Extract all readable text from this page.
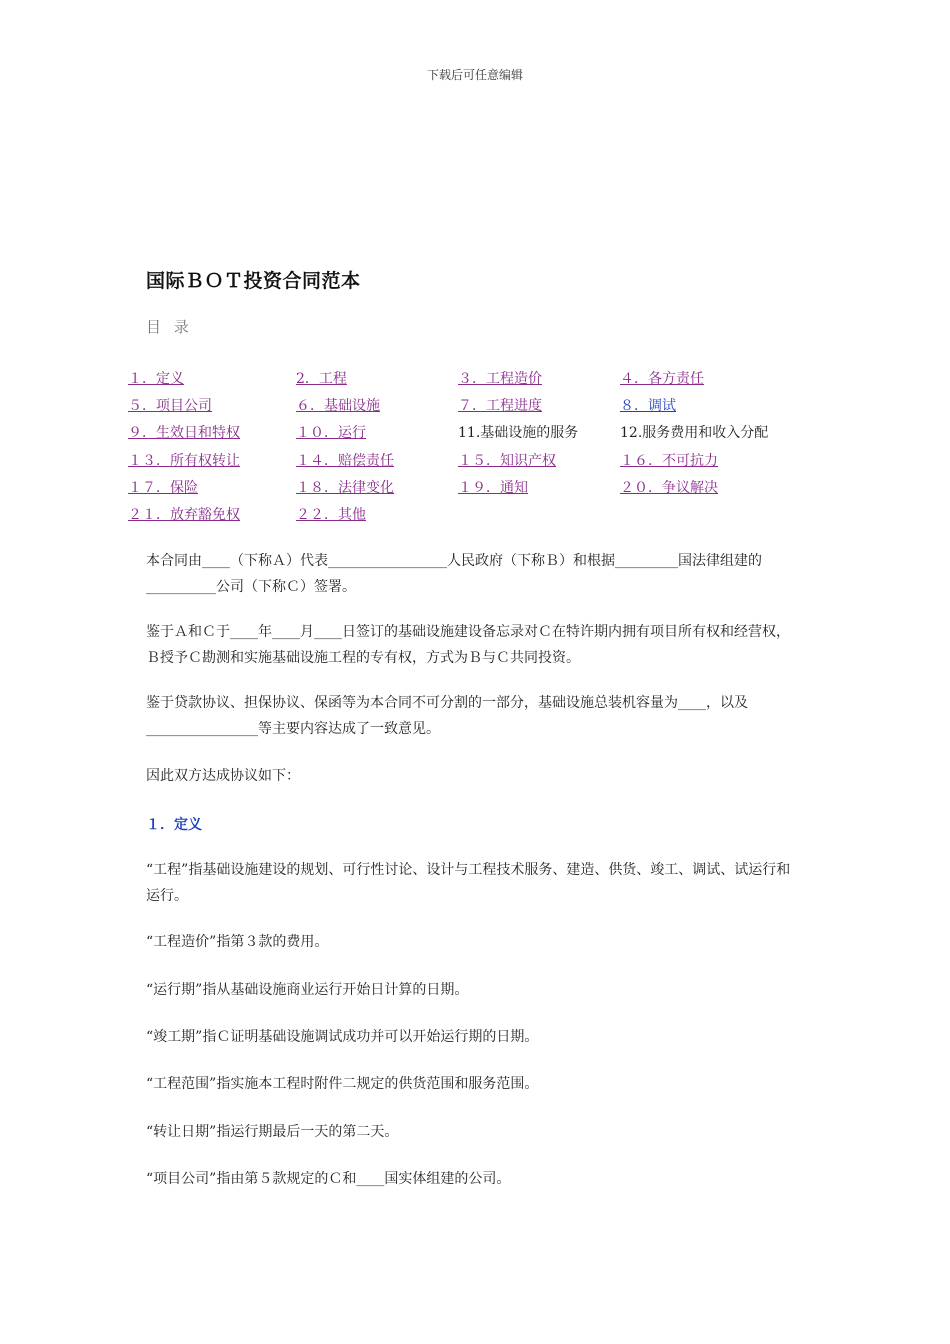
下载后可任意编辑
国际ＢＯＴ投资合同范本
目 录
１．定义	2．工程	３．工程造价	４．各方责任
５．项目公司	６．基础设施	７．工程进度	８．调试
９．生效日和特权	１０．运行	11.基础设施的服务	12.服务费用和收入分配
１３．所有权转让	１４．赔偿责任	１５．知识产权	１６．不可抗力
１７．保险	１８．法律变化	１９．通知	２０．争议解决
２１．放弃豁免权	２２．其他

本合同由____（下称Ａ）代表_________________人民政府（下称Ｂ）和根据_________国法律组建的__________公司（下称Ｃ）签署。

鉴于Ａ和Ｃ于____年____月____日签订的基础设施建设备忘录对Ｃ在特许期内拥有项目所有权和经营权，Ｂ授予Ｃ勘测和实施基础设施工程的专有权，方式为Ｂ与Ｃ共同投资。

鉴于贷款协议、担保协议、保函等为本合同不可分割的一部分，基础设施总装机容量为____，以及________________等主要内容达成了一致意见。

因此双方达成协议如下：

１．定义

“工程”指基础设施建设的规划、可行性讨论、设计与工程技术服务、建造、供货、竣工、调试、试运行和运行。

“工程造价”指第３款的费用。

“运行期”指从基础设施商业运行开始日计算的日期。

“竣工期”指Ｃ证明基础设施调试成功并可以开始运行期的日期。

“工程范围”指实施本工程时附件二规定的供货范围和服务范围。

“转让日期”指运行期最后一天的第二天。

“项目公司”指由第５款规定的Ｃ和____国实体组建的公司。
